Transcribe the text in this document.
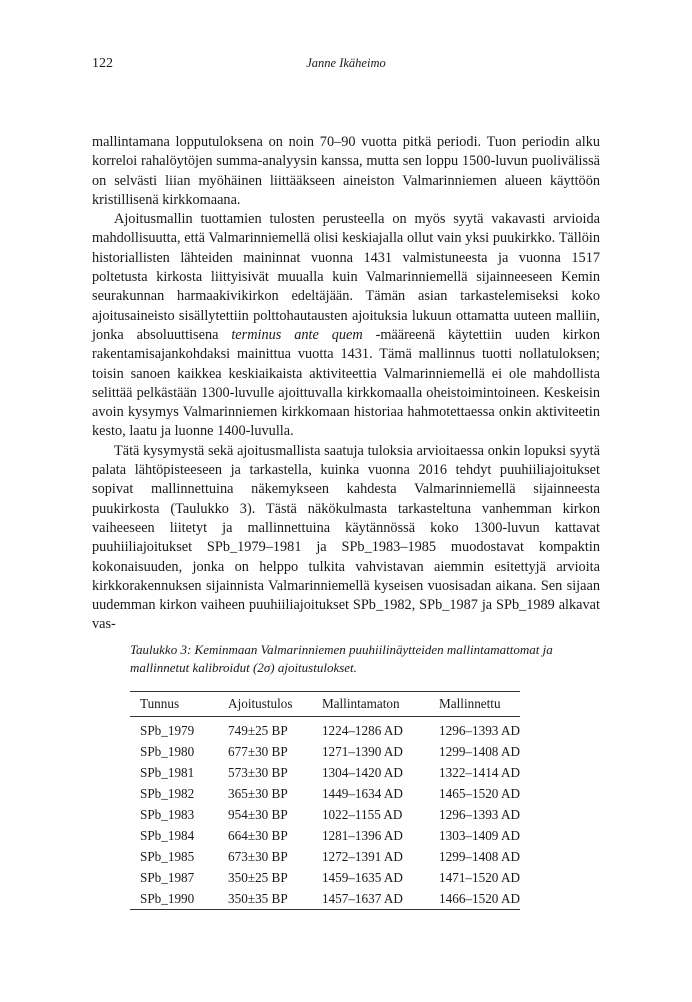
122	Janne Ikäheimo

mallintamana lopputuloksena on noin 70–90 vuotta pitkä periodi. Tuon periodin alku korreloi rahalöytöjen summa-analyysin kanssa, mutta sen loppu 1500-luvun puolivälissä on selvästi liian myöhäinen liittääkseen aineiston Valmarinniemen alueen käyttöön kristillisenä kirkkomaana.

Ajoitusmallin tuottamien tulosten perusteella on myös syytä vakavasti arvioida mahdollisuutta, että Valmarinniemellä olisi keskiajalla ollut vain yksi puukirkko. Tällöin historiallisten lähteiden maininnat vuonna 1431 valmistuneesta ja vuonna 1517 poltetusta kirkosta liittyisivät muualla kuin Valmarinniemellä sijainneeseen Kemin seurakunnan harmaakivikirkon edeltäjään. Tämän asian tarkastelemiseksi koko ajoitusaineisto sisällytettiin polttohautausten ajoituksia lukuun ottamatta uuteen malliin, jonka absoluuttisena terminus ante quem -määreenä käytettiin uuden kirkon rakentamisajankohdaksi mainittua vuotta 1431. Tämä mallinnus tuotti nollatuloksen; toisin sanoen kaikkea keskiaikaista aktiviteettia Valmarinniemellä ei ole mahdollista selittää pelkästään 1300-luvulle ajoittuvalla kirkkomaalla oheistoimintoineen. Keskeisin avoin kysymys Valmarinniemen kirkkomaan historiaa hahmotettaessa onkin aktiviteetin kesto, laatu ja luonne 1400-luvulla.

Tätä kysymystä sekä ajoitusmallista saatuja tuloksia arvioitaessa onkin lopuksi syytä palata lähtöpisteeseen ja tarkastella, kuinka vuonna 2016 tehdyt puuhiiliajoitukset sopivat mallinnettuina näkemykseen kahdesta Valmarinniemellä sijainneesta puukirkosta (Taulukko 3). Tästä näkökulmasta tarkasteltuna vanhemman kirkon vaiheeseen liitetyt ja mallinnettuina käytännössä koko 1300-luvun kattavat puuhiiliajoitukset SPb_1979–1981 ja SPb_1983–1985 muodostavat kompaktin kokonaisuuden, jonka on helppo tulkita vahvistavan aiemmin esitettyjä arvioita kirkkorakennuksen sijainnista Valmarinniemellä kyseisen vuosisadan aikana. Sen sijaan uudemman kirkon vaiheen puuhiiliajoitukset SPb_1982, SPb_1987 ja SPb_1989 alkavat vas-

Taulukko 3: Keminmaan Valmarinniemen puuhiilinäytteiden mallintamattomat ja mallinnetut kalibroidut (2σ) ajoitustulokset.
Tunnus	Ajoitustulos	Mallintamaton	Mallinnettu
SPb_1979	749±25 BP	1224–1286 AD	1296–1393 AD
SPb_1980	677±30 BP	1271–1390 AD	1299–1408 AD
SPb_1981	573±30 BP	1304–1420 AD	1322–1414 AD
SPb_1982	365±30 BP	1449–1634 AD	1465–1520 AD
SPb_1983	954±30 BP	1022–1155 AD	1296–1393 AD
SPb_1984	664±30 BP	1281–1396 AD	1303–1409 AD
SPb_1985	673±30 BP	1272–1391 AD	1299–1408 AD
SPb_1987	350±25 BP	1459–1635 AD	1471–1520 AD
SPb_1990	350±35 BP	1457–1637 AD	1466–1520 AD
